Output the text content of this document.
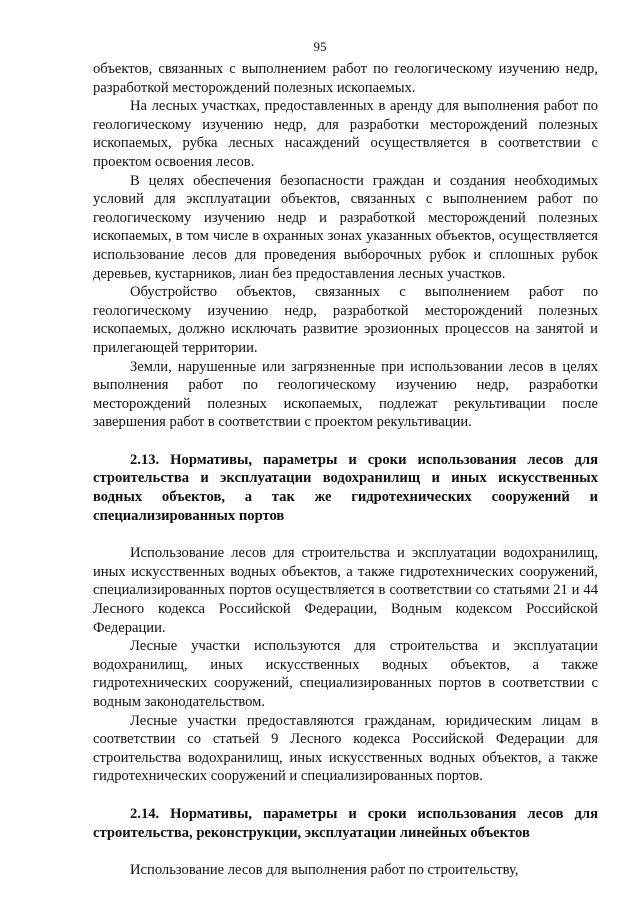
95

объектов, связанных с выполнением работ по геологическому изучению недр, разработкой месторождений полезных ископаемых.

На лесных участках, предоставленных в аренду для выполнения работ по геологическому изучению недр, для разработки месторождений полезных ископаемых, рубка лесных насаждений осуществляется в соответствии с проектом освоения лесов.

В целях обеспечения безопасности граждан и создания необходимых условий для эксплуатации объектов, связанных с выполнением работ по геологическому изучению недр и разработкой месторождений полезных ископаемых, в том числе в охранных зонах указанных объектов, осуществляется использование лесов для проведения выборочных рубок и сплошных рубок деревьев, кустарников, лиан без предоставления лесных участков.

Обустройство объектов, связанных с выполнением работ по геологическому изучению недр, разработкой месторождений полезных ископаемых, должно исключать развитие эрозионных процессов на занятой и прилегающей территории.

Земли, нарушенные или загрязненные при использовании лесов в целях выполнения работ по геологическому изучению недр, разработки месторождений полезных ископаемых, подлежат рекультивации после завершения работ в соответствии с проектом рекультивации.

2.13. Нормативы, параметры и сроки использования лесов для строительства и эксплуатации водохранилищ и иных искусственных водных объектов, а так же гидротехнических сооружений и специализированных портов

Использование лесов для строительства и эксплуатации водохранилищ, иных искусственных водных объектов, а также гидротехнических сооружений, специализированных портов осуществляется в соответствии со статьями 21 и 44 Лесного кодекса Российской Федерации, Водным кодексом Российской Федерации.

Лесные участки используются для строительства и эксплуатации водохранилищ, иных искусственных водных объектов, а также гидротехнических сооружений, специализированных портов в соответствии с водным законодательством.

Лесные участки предоставляются гражданам, юридическим лицам в соответствии со статьей 9 Лесного кодекса Российской Федерации для строительства водохранилищ, иных искусственных водных объектов, а также гидротехнических сооружений и специализированных портов.

2.14. Нормативы, параметры и сроки использования лесов для строительства, реконструкции, эксплуатации линейных объектов

Использование лесов для выполнения работ по строительству,
